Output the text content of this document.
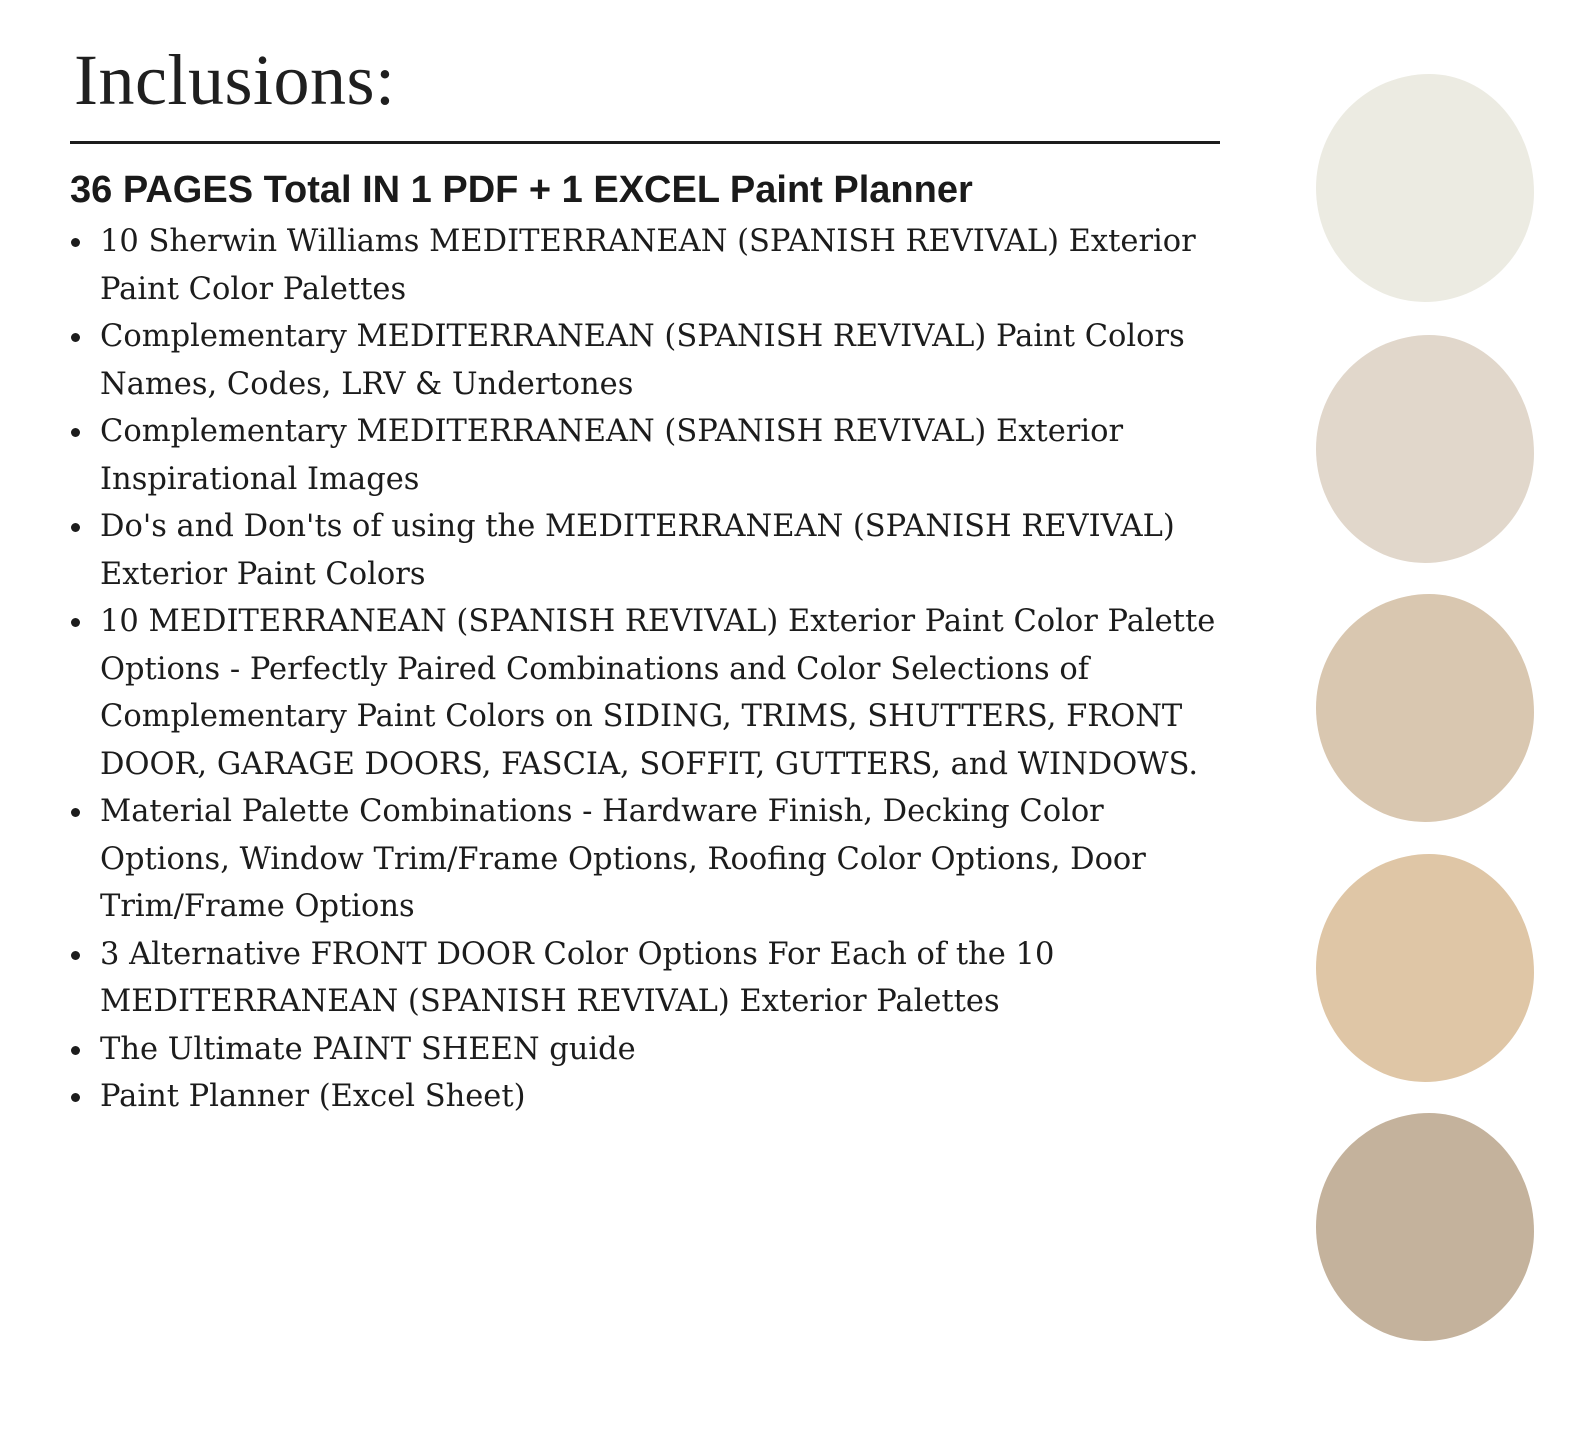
Inclusions:

36 PAGES Total IN 1 PDF + 1 EXCEL Paint Planner

10 Sherwin Williams MEDITERRANEAN (SPANISH REVIVAL) Exterior Paint Color Palettes
Complementary MEDITERRANEAN (SPANISH REVIVAL) Paint Colors Names, Codes, LRV & Undertones
Complementary MEDITERRANEAN (SPANISH REVIVAL) Exterior Inspirational Images
Do's and Don'ts of using the MEDITERRANEAN (SPANISH REVIVAL) Exterior Paint Colors
10 MEDITERRANEAN (SPANISH REVIVAL) Exterior Paint Color Palette Options - Perfectly Paired Combinations and Color Selections of Complementary Paint Colors on SIDING, TRIMS, SHUTTERS, FRONT DOOR, GARAGE DOORS, FASCIA, SOFFIT, GUTTERS, and WINDOWS.
Material Palette Combinations - Hardware Finish, Decking Color Options, Window Trim/Frame Options, Roofing Color Options, Door Trim/Frame Options
3 Alternative FRONT DOOR Color Options For Each of the 10 MEDITERRANEAN (SPANISH REVIVAL) Exterior Palettes
The Ultimate PAINT SHEEN guide
Paint Planner (Excel Sheet)
